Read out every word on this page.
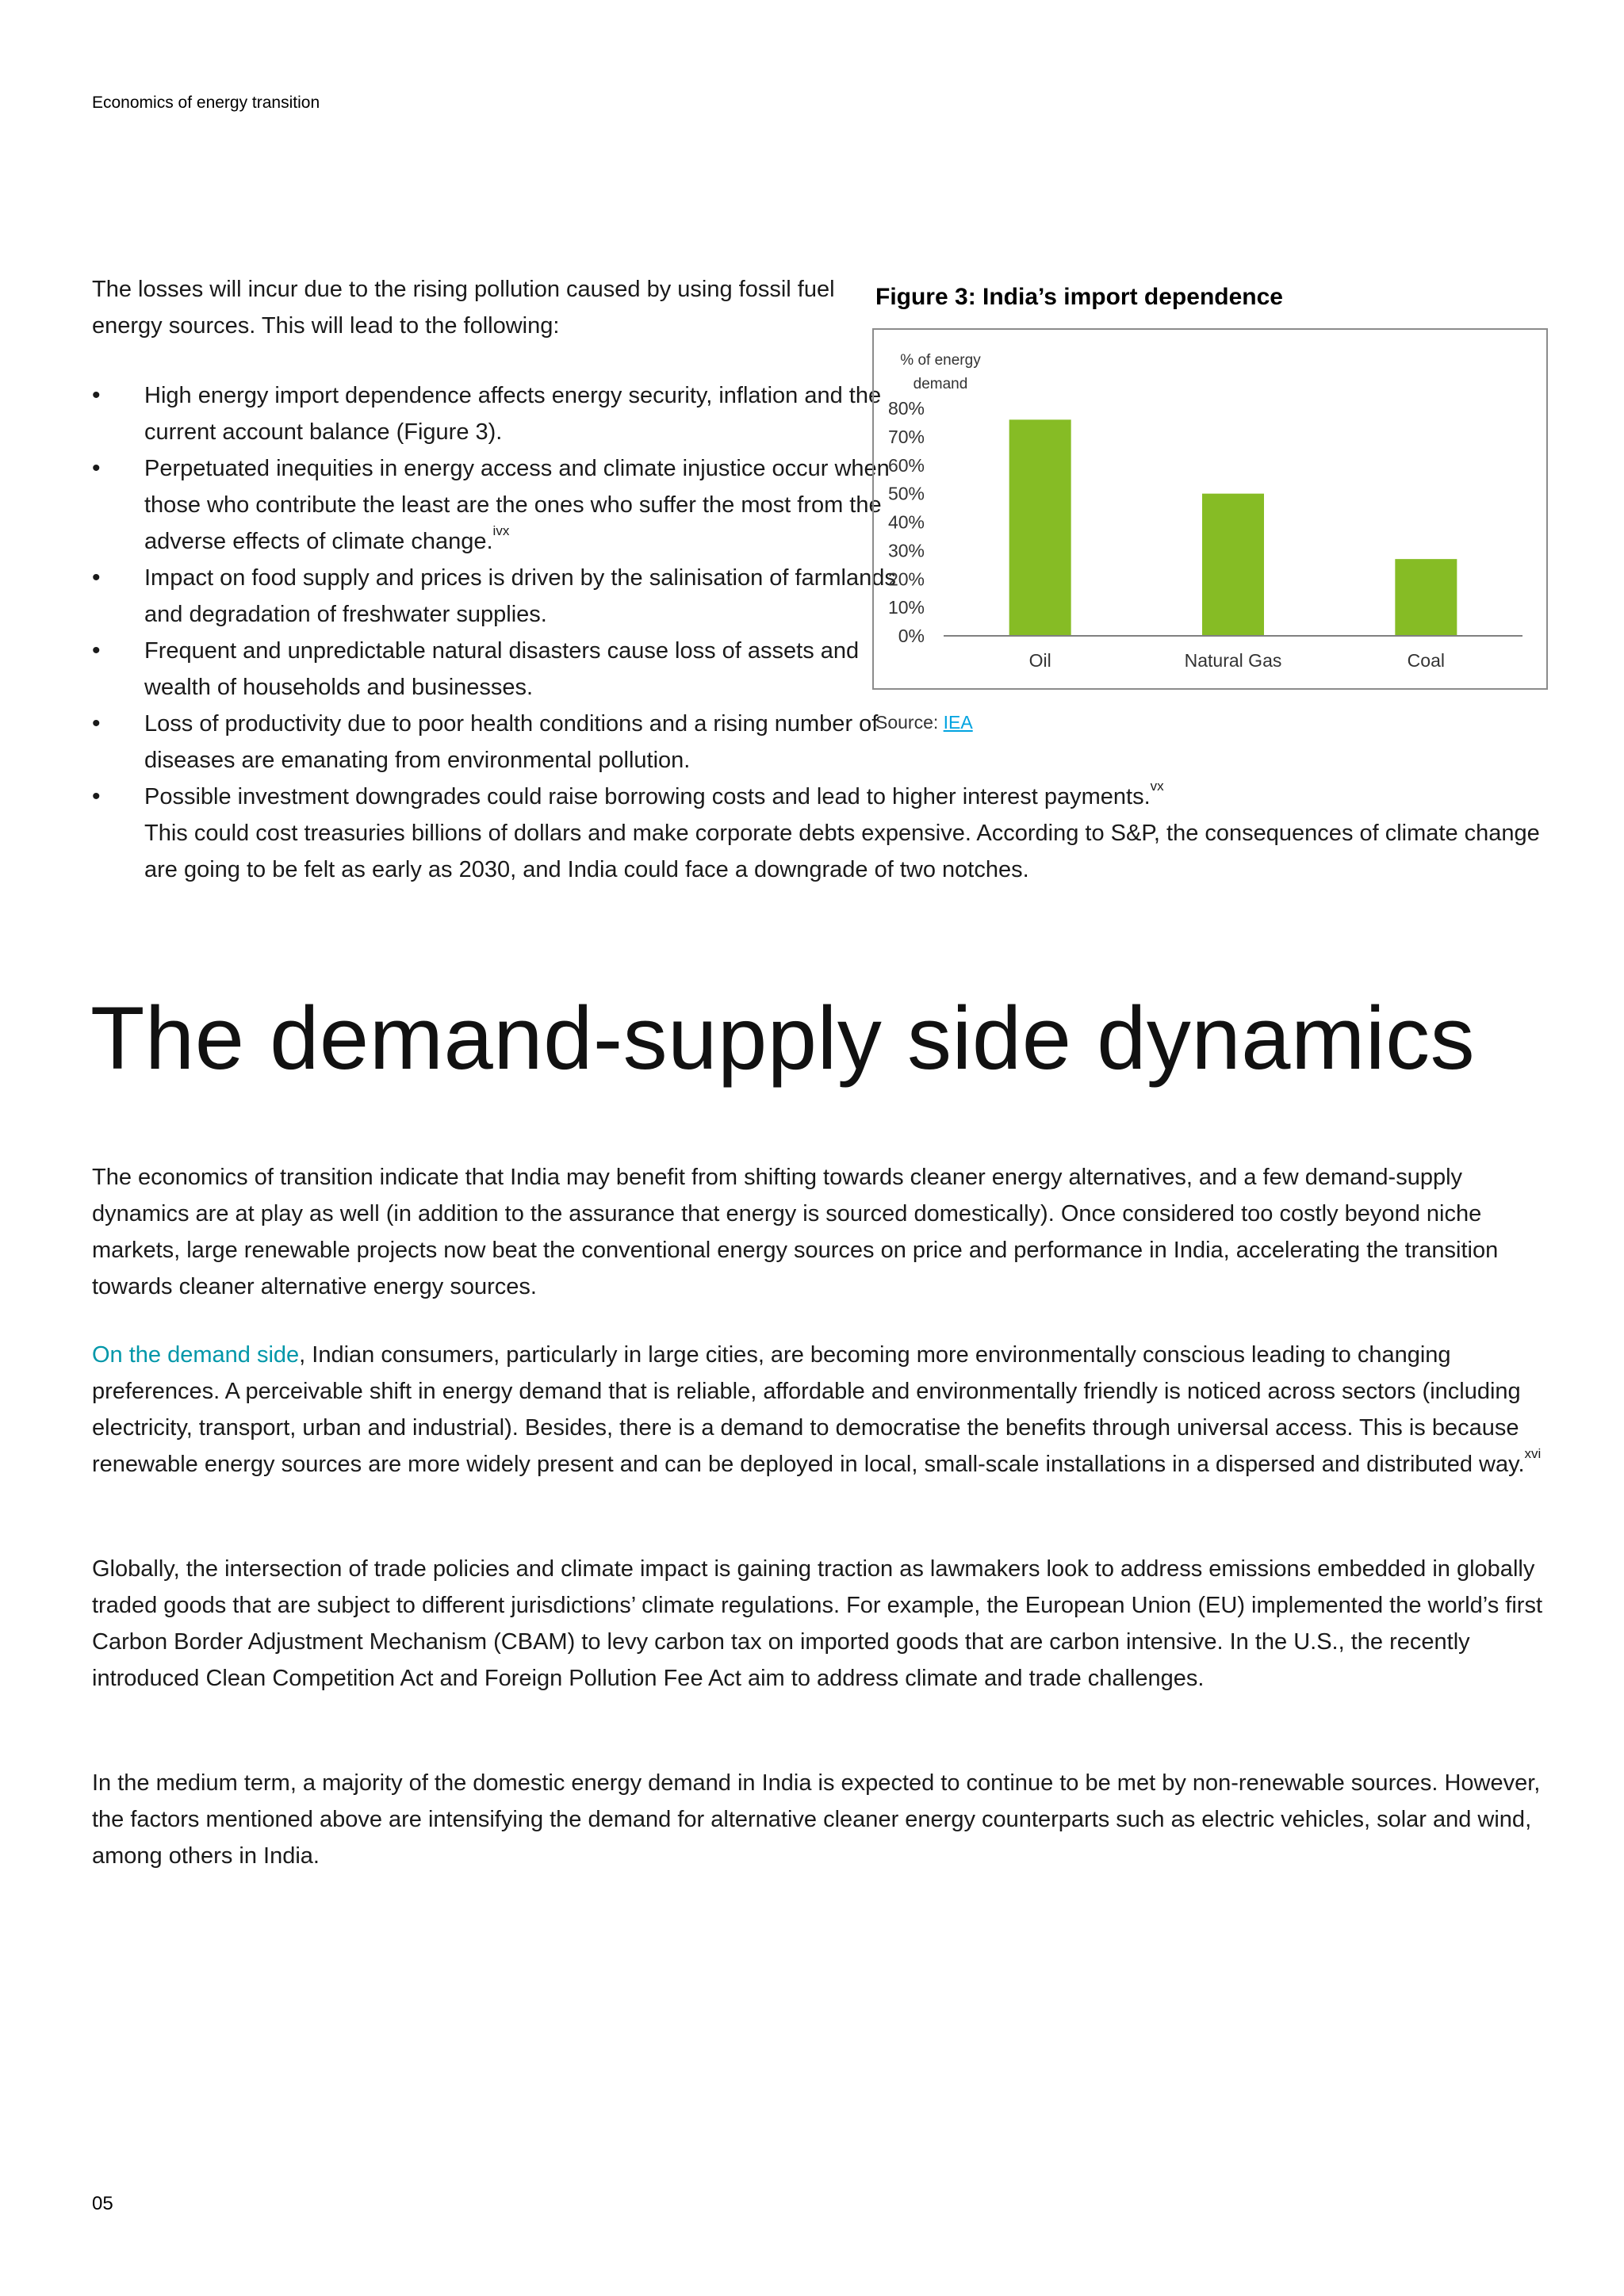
Economics of energy transition

The losses will incur due to the rising pollution caused by using fossil fuel energy sources. This will lead to the following:

• High energy import dependence affects energy security, inflation and the current account balance (Figure 3).
• Perpetuated inequities in energy access and climate injustice occur when those who contribute the least are the ones who suffer the most from the adverse effects of climate change.$^{ivx}$
• Impact on food supply and prices is driven by the salinisation of farmlands and degradation of freshwater supplies.
• Frequent and unpredictable natural disasters cause loss of assets and wealth of households and businesses.
• Loss of productivity due to poor health conditions and a rising number of diseases are emanating from environmental pollution.
• Possible investment downgrades could raise borrowing costs and lead to higher interest payments.$^{vx}$
This could cost treasuries billions of dollars and make corporate debts expensive. According to S&P, the consequences of climate change are going to be felt as early as 2030, and India could face a downgrade of two notches.
Figure 3: India’s import dependence
% of energy
demand
0%
10%
20%
30%
40%
50%
60%
70%
80%
Oil	Natural Gas	Coal
Source: IEA
The demand-supply side dynamics

The economics of transition indicate that India may benefit from shifting towards cleaner energy alternatives, and a few demand-supply dynamics are at play as well (in addition to the assurance that energy is sourced domestically). Once considered too costly beyond niche markets, large renewable projects now beat the conventional energy sources on price and performance in India, accelerating the transition towards cleaner alternative energy sources.

On the demand side, Indian consumers, particularly in large cities, are becoming more environmentally conscious leading to changing preferences. A perceivable shift in energy demand that is reliable, affordable and environmentally friendly is noticed across sectors (including electricity, transport, urban and industrial). Besides, there is a demand to democratise the benefits through universal access. This is because renewable energy sources are more widely present and can be deployed in local, small-scale installations in a dispersed and distributed way.$^{xvi}$

Globally, the intersection of trade policies and climate impact is gaining traction as lawmakers look to address emissions embedded in globally traded goods that are subject to different jurisdictions’ climate regulations. For example, the European Union (EU) implemented the world’s first Carbon Border Adjustment Mechanism (CBAM) to levy carbon tax on imported goods that are carbon intensive. In the U.S., the recently introduced Clean Competition Act and Foreign Pollution Fee Act aim to address climate and trade challenges.

In the medium term, a majority of the domestic energy demand in India is expected to continue to be met by non-renewable sources. However, the factors mentioned above are intensifying the demand for alternative cleaner energy counterparts such as electric vehicles, solar and wind, among others in India.

05
